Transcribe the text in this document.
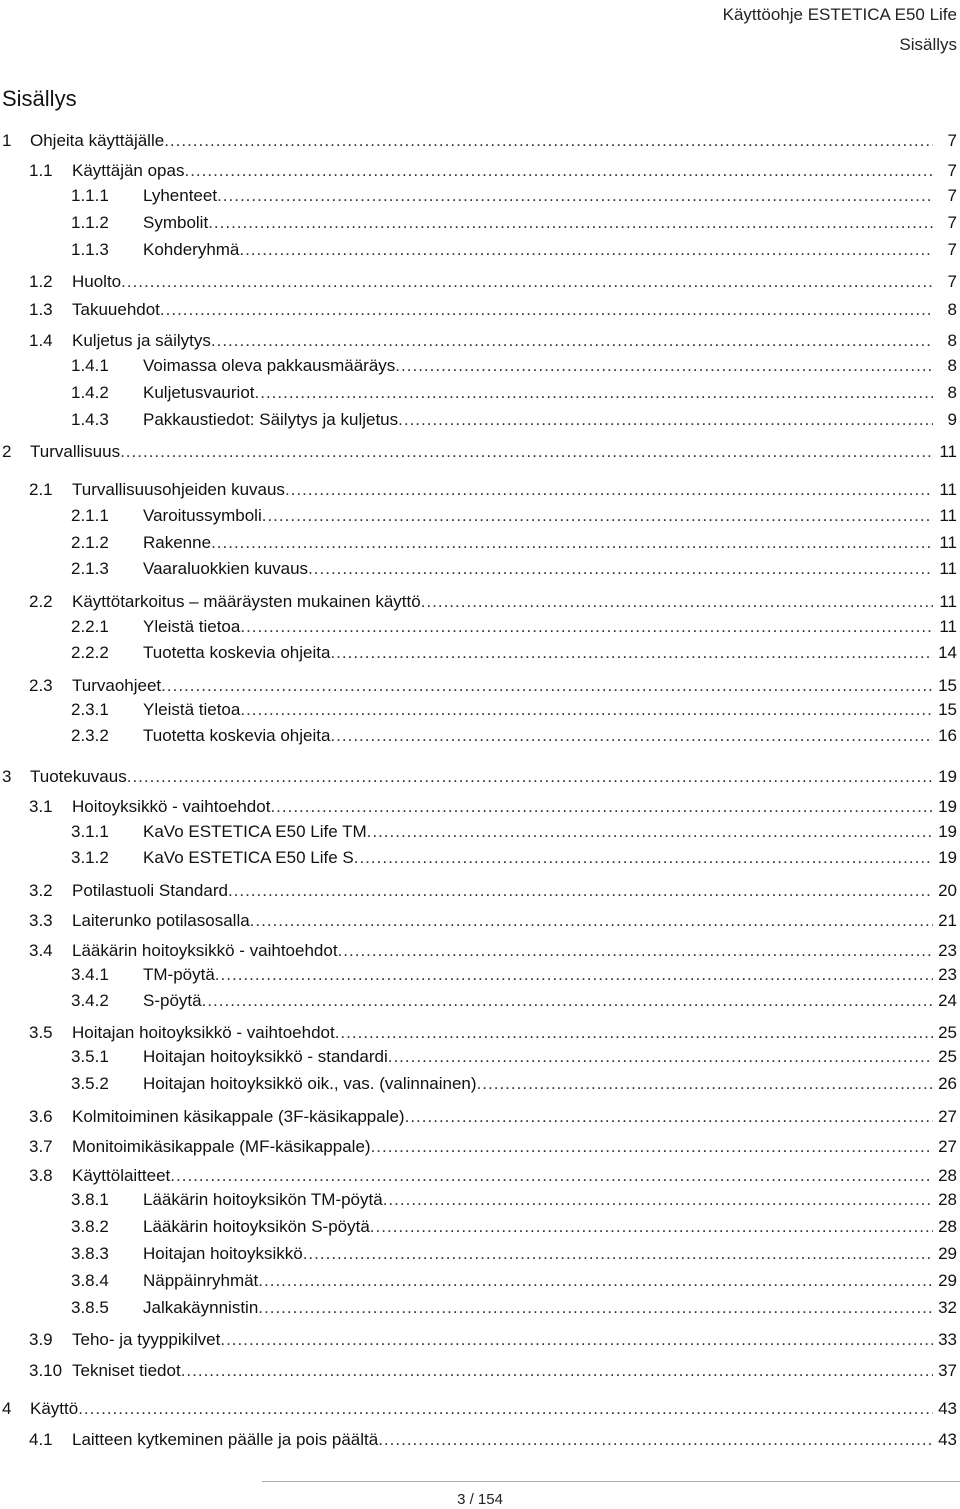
Käyttöohje ESTETICA E50 Life
Sisällys
Sisällys
1	Ohjeita käyttäjälle .....	7
1.1	Käyttäjän opas .....	7
1.1.1	Lyhenteet .....	7
1.1.2	Symbolit .....	7
1.1.3	Kohderyhmä .....	7
1.2	Huolto .....	7
1.3	Takuuehdot .....	8
1.4	Kuljetus ja säilytys .....	8
1.4.1	Voimassa oleva pakkausmääräys .....	8
1.4.2	Kuljetusvauriot .....	8
1.4.3	Pakkaustiedot: Säilytys ja kuljetus .....	9
2	Turvallisuus .....	11
2.1	Turvallisuusohjeiden kuvaus .....	11
2.1.1	Varoitussymboli .....	11
2.1.2	Rakenne .....	11
2.1.3	Vaaraluokkien kuvaus .....	11
2.2	Käyttötarkoitus – määräysten mukainen käyttö .....	11
2.2.1	Yleistä tietoa .....	11
2.2.2	Tuotetta koskevia ohjeita .....	14
2.3	Turvaohjeet .....	15
2.3.1	Yleistä tietoa .....	15
2.3.2	Tuotetta koskevia ohjeita .....	16
3	Tuotekuvaus .....	19
3.1	Hoitoyksikkö - vaihtoehdot .....	19
3.1.1	KaVo ESTETICA E50 Life TM .....	19
3.1.2	KaVo ESTETICA E50 Life S .....	19
3.2	Potilastuoli Standard .....	20
3.3	Laiterunko potilasosalla .....	21
3.4	Lääkärin hoitoyksikkö - vaihtoehdot .....	23
3.4.1	TM-pöytä .....	23
3.4.2	S-pöytä .....	24
3.5	Hoitajan hoitoyksikkö - vaihtoehdot .....	25
3.5.1	Hoitajan hoitoyksikkö - standardi .....	25
3.5.2	Hoitajan hoitoyksikkö oik., vas. (valinnainen) .....	26
3.6	Kolmitoiminen käsikappale (3F-käsikappale) .....	27
3.7	Monitoimikäsikappale (MF-käsikappale) .....	27
3.8	Käyttölaitteet .....	28
3.8.1	Lääkärin hoitoyksikön TM-pöytä .....	28
3.8.2	Lääkärin hoitoyksikön S-pöytä .....	28
3.8.3	Hoitajan hoitoyksikkö .....	29
3.8.4	Näppäinryhmät .....	29
3.8.5	Jalkakäynnistin .....	32
3.9	Teho- ja tyyppikilvet .....	33
3.10 Tekniset tiedot .....	37
4	Käyttö .....	43
4.1	Laitteen kytkeminen päälle ja pois päältä .....	43
3 / 154
